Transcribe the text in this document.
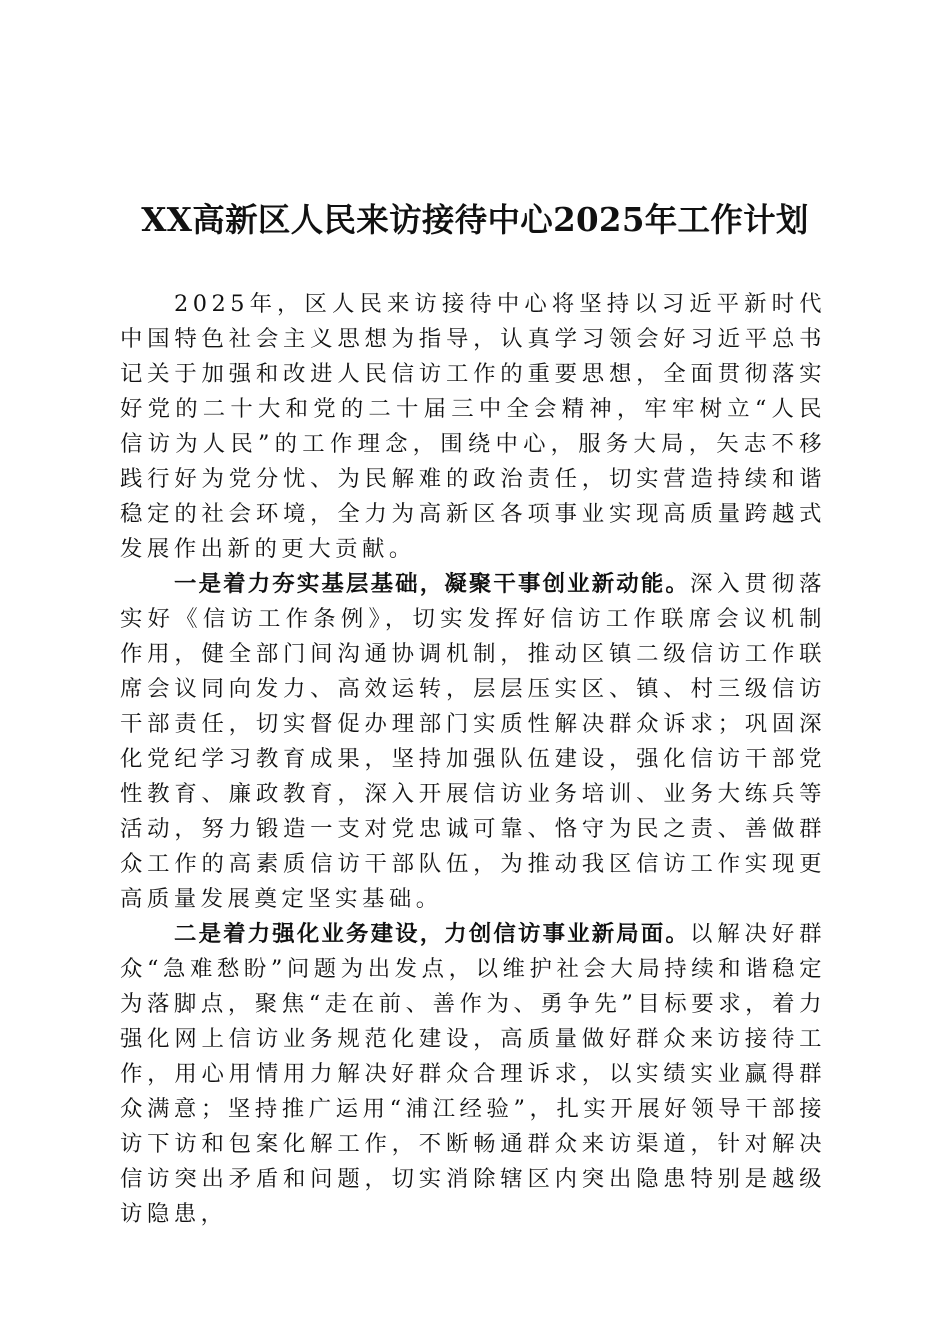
XX高新区人民来访接待中心2025年工作计划

2025年，区人民来访接待中心将坚持以习近平新时代中国特色社会主义思想为指导，认真学习领会好习近平总书记关于加强和改进人民信访工作的重要思想，全面贯彻落实好党的二十大和党的二十届三中全会精神，牢牢树立“人民信访为人民”的工作理念，围绕中心，服务大局，矢志不移践行好为党分忧、为民解难的政治责任，切实营造持续和谐稳定的社会环境，全力为高新区各项事业实现高质量跨越式发展作出新的更大贡献。

一是着力夯实基层基础，凝聚干事创业新动能。深入贯彻落实好《信访工作条例》，切实发挥好信访工作联席会议机制作用，健全部门间沟通协调机制，推动区镇二级信访工作联席会议同向发力、高效运转，层层压实区、镇、村三级信访干部责任，切实督促办理部门实质性解决群众诉求；巩固深化党纪学习教育成果，坚持加强队伍建设，强化信访干部党性教育、廉政教育，深入开展信访业务培训、业务大练兵等活动，努力锻造一支对党忠诚可靠、恪守为民之责、善做群众工作的高素质信访干部队伍，为推动我区信访工作实现更高质量发展奠定坚实基础。

二是着力强化业务建设，力创信访事业新局面。以解决好群众“急难愁盼”问题为出发点，以维护社会大局持续和谐稳定为落脚点，聚焦“走在前、善作为、勇争先”目标要求，着力强化网上信访业务规范化建设，高质量做好群众来访接待工作，用心用情用力解决好群众合理诉求，以实绩实业赢得群众满意；坚持推广运用“浦江经验”，扎实开展好领导干部接访下访和包案化解工作，不断畅通群众来访渠道，针对解决信访突出矛盾和问题，切实消除辖区内突出隐患特别是越级访隐患，
